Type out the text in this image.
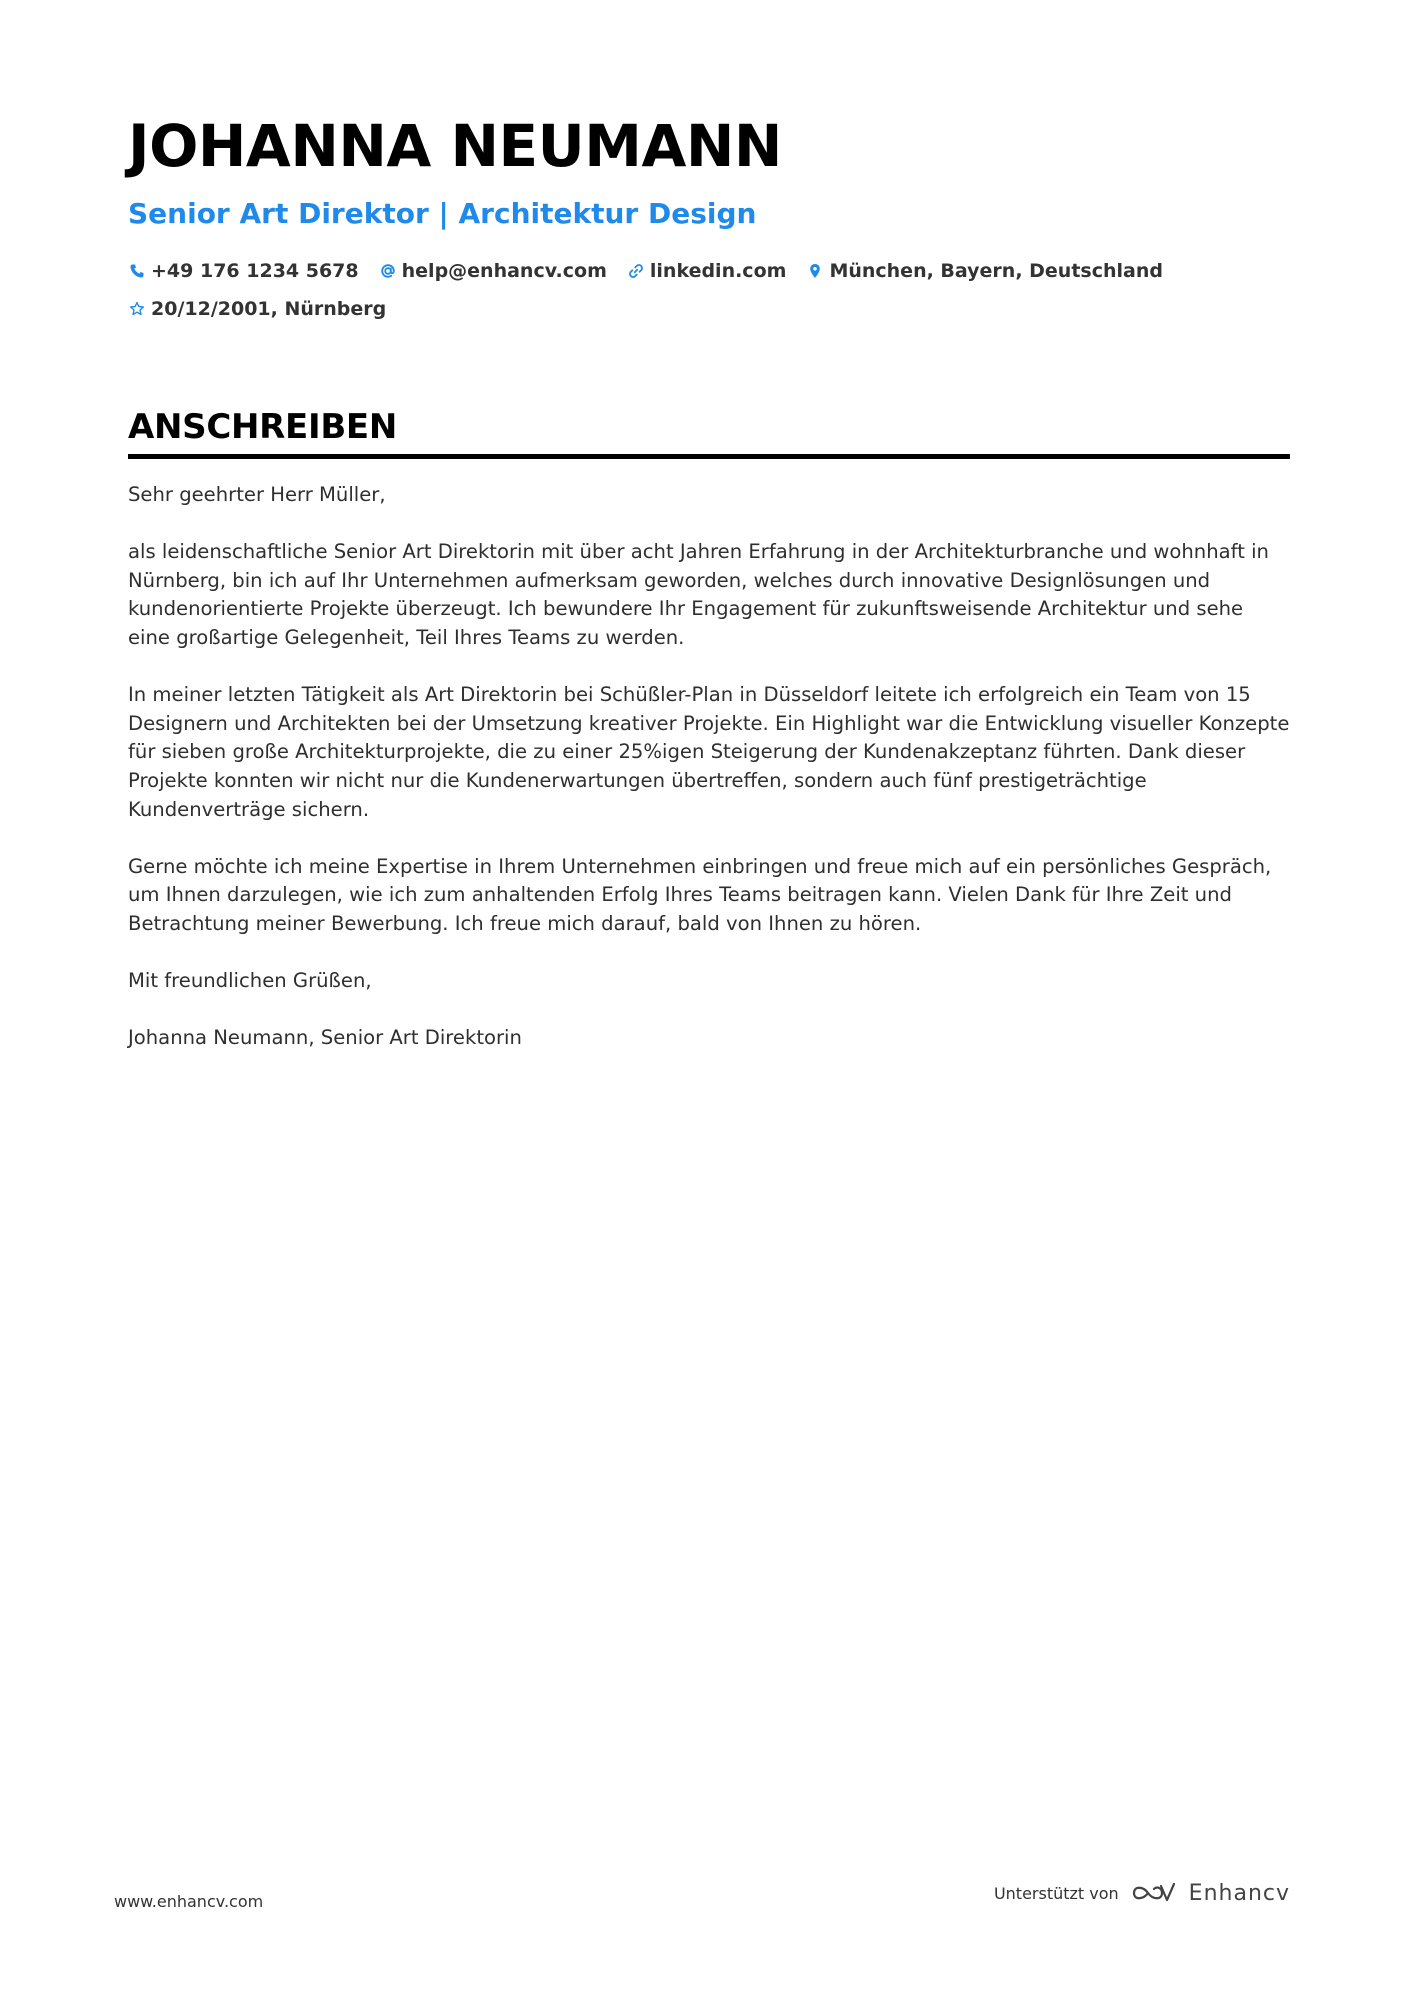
JOHANNA NEUMANN
Senior Art Direktor | Architektur Design
+49 176 1234 5678 help@enhancv.com linkedin.com München, Bayern, Deutschland
20/12/2001, Nürnberg
ANSCHREIBEN

Sehr geehrter Herr Müller,

als leidenschaftliche Senior Art Direktorin mit über acht Jahren Erfahrung in der Architekturbranche und wohnhaft in Nürnberg, bin ich auf Ihr Unternehmen aufmerksam geworden, welches durch innovative Designlösungen und kundenorientierte Projekte überzeugt. Ich bewundere Ihr Engagement für zukunftsweisende Architektur und sehe eine großartige Gelegenheit, Teil Ihres Teams zu werden.

In meiner letzten Tätigkeit als Art Direktorin bei Schüßler-Plan in Düsseldorf leitete ich erfolgreich ein Team von 15 Designern und Architekten bei der Umsetzung kreativer Projekte. Ein Highlight war die Entwicklung visueller Konzepte für sieben große Architekturprojekte, die zu einer 25%igen Steigerung der Kundenakzeptanz führten. Dank dieser Projekte konnten wir nicht nur die Kundenerwartungen übertreffen, sondern auch fünf prestigeträchtige Kundenverträge sichern.

Gerne möchte ich meine Expertise in Ihrem Unternehmen einbringen und freue mich auf ein persönliches Gespräch, um Ihnen darzulegen, wie ich zum anhaltenden Erfolg Ihres Teams beitragen kann. Vielen Dank für Ihre Zeit und Betrachtung meiner Bewerbung. Ich freue mich darauf, bald von Ihnen zu hören.

Mit freundlichen Grüßen,

Johanna Neumann, Senior Art Direktorin

www.enhancv.com	Unterstützt von	Enhancv
